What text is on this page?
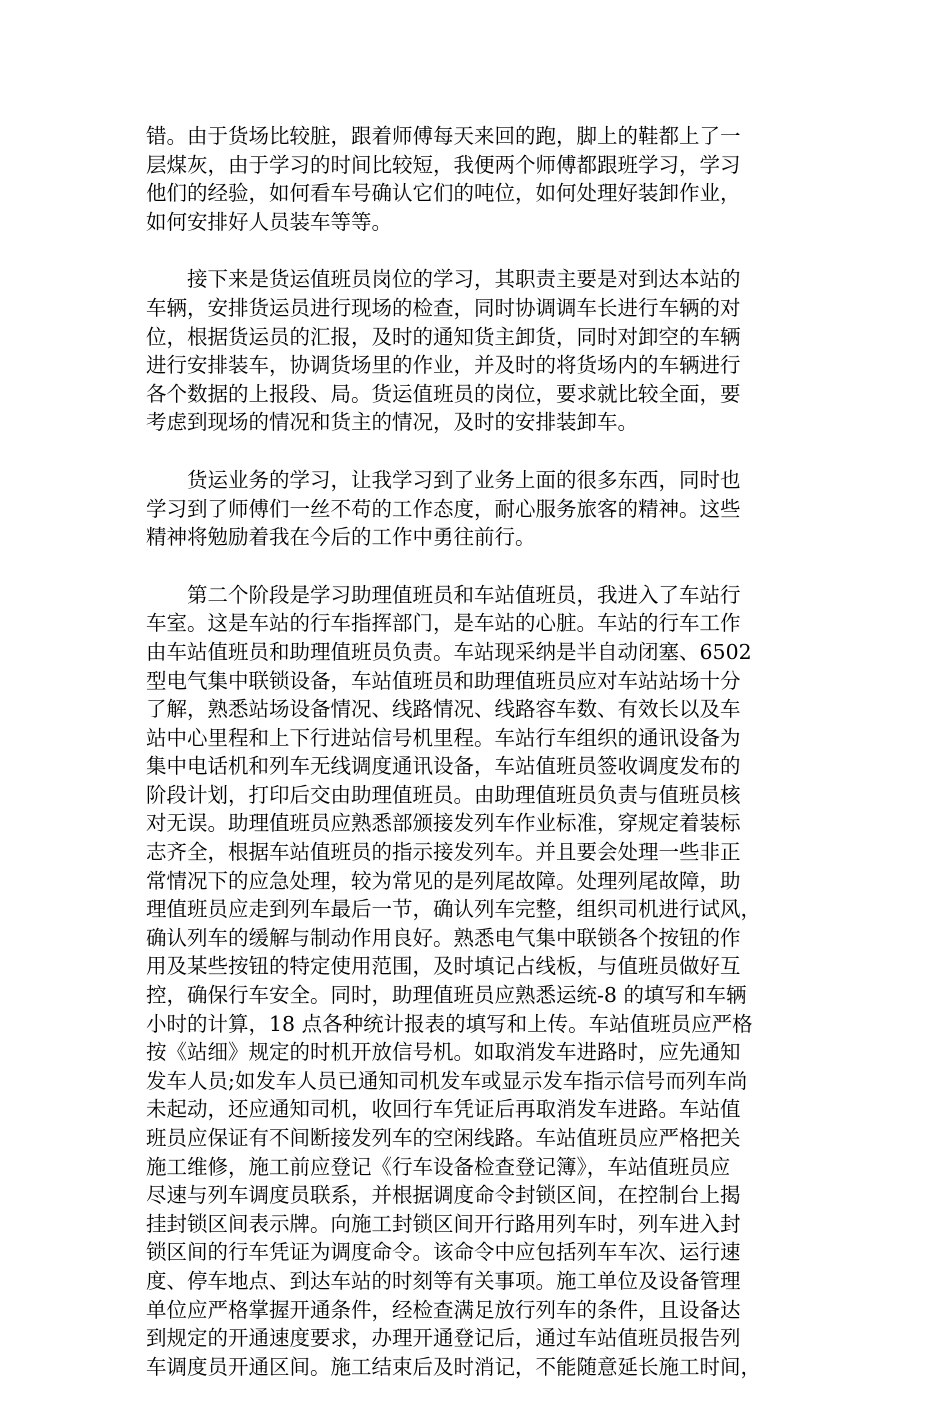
错。由于货场比较脏，跟着师傅每天来回的跑，脚上的鞋都上了一
层煤灰，由于学习的时间比较短，我便两个师傅都跟班学习，学习
他们的经验，如何看车号确认它们的吨位，如何处理好装卸作业，
如何安排好人员装车等等。

接下来是货运值班员岗位的学习，其职责主要是对到达本站的
车辆，安排货运员进行现场的检查，同时协调调车长进行车辆的对
位，根据货运员的汇报，及时的通知货主卸货，同时对卸空的车辆
进行安排装车，协调货场里的作业，并及时的将货场内的车辆进行
各个数据的上报段、局。货运值班员的岗位，要求就比较全面，要
考虑到现场的情况和货主的情况，及时的安排装卸车。

货运业务的学习，让我学习到了业务上面的很多东西，同时也
学习到了师傅们一丝不苟的工作态度，耐心服务旅客的精神。这些
精神将勉励着我在今后的工作中勇往前行。

第二个阶段是学习助理值班员和车站值班员，我进入了车站行
车室。这是车站的行车指挥部门，是车站的心脏。车站的行车工作
由车站值班员和助理值班员负责。车站现采纳是半自动闭塞、6502
型电气集中联锁设备，车站值班员和助理值班员应对车站站场十分
了解，熟悉站场设备情况、线路情况、线路容车数、有效长以及车
站中心里程和上下行进站信号机里程。车站行车组织的通讯设备为
集中电话机和列车无线调度通讯设备，车站值班员签收调度发布的
阶段计划，打印后交由助理值班员。由助理值班员负责与值班员核
对无误。助理值班员应熟悉部颁接发列车作业标准，穿规定着装标
志齐全，根据车站值班员的指示接发列车。并且要会处理一些非正
常情况下的应急处理，较为常见的是列尾故障。处理列尾故障，助
理值班员应走到列车最后一节，确认列车完整，组织司机进行试风，
确认列车的缓解与制动作用良好。熟悉电气集中联锁各个按钮的作
用及某些按钮的特定使用范围，及时填记占线板，与值班员做好互
控，确保行车安全。同时，助理值班员应熟悉运统-8 的填写和车辆
小时的计算，18 点各种统计报表的填写和上传。车站值班员应严格
按《站细》规定的时机开放信号机。如取消发车进路时，应先通知
发车人员;如发车人员已通知司机发车或显示发车指示信号而列车尚
未起动，还应通知司机，收回行车凭证后再取消发车进路。车站值
班员应保证有不间断接发列车的空闲线路。车站值班员应严格把关
施工维修，施工前应登记《行车设备检查登记簿》，车站值班员应
尽速与列车调度员联系，并根据调度命令封锁区间，在控制台上揭
挂封锁区间表示牌。向施工封锁区间开行路用列车时，列车进入封
锁区间的行车凭证为调度命令。该命令中应包括列车车次、运行速
度、停车地点、到达车站的时刻等有关事项。施工单位及设备管理
单位应严格掌握开通条件，经检查满足放行列车的条件，且设备达
到规定的开通速度要求，办理开通登记后，通过车站值班员报告列
车调度员开通区间。施工结束后及时消记，不能随意延长施工时间，
